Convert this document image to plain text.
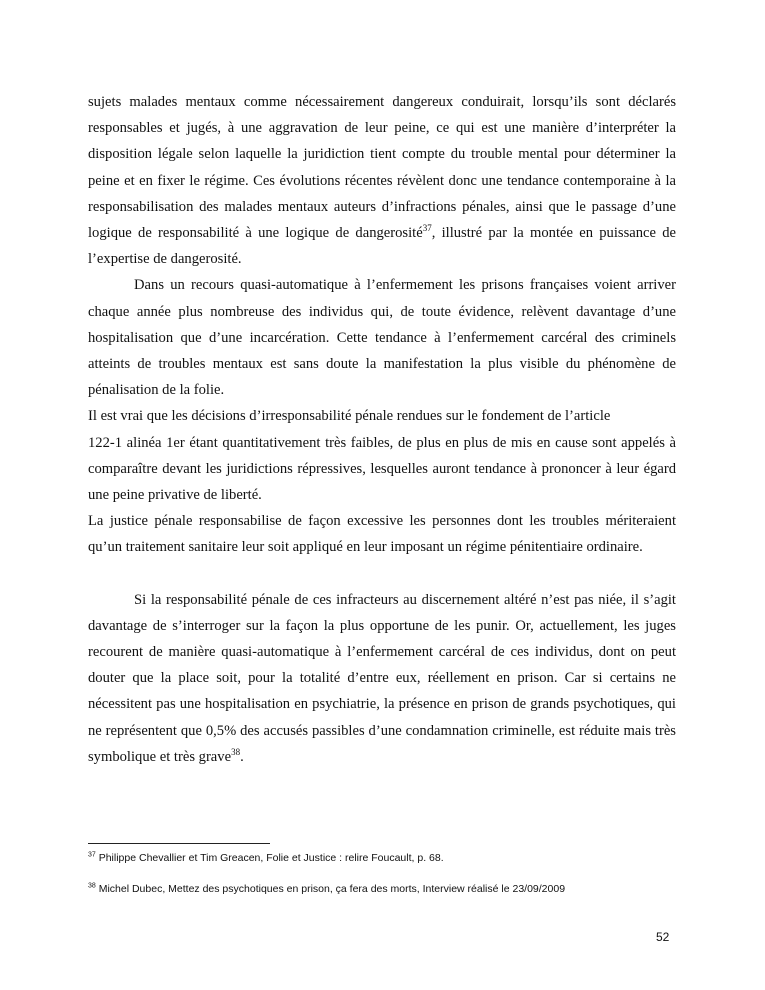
sujets malades mentaux comme nécessairement dangereux conduirait, lorsqu’ils sont déclarés responsables et jugés, à une aggravation de leur peine, ce qui est une manière d’interpréter la disposition légale selon laquelle la juridiction tient compte du trouble mental pour déterminer la peine et en fixer le régime. Ces évolutions récentes révèlent donc une tendance contemporaine à la responsabilisation des malades mentaux auteurs d’infractions pénales, ainsi que le passage d’une logique de responsabilité à une logique de dangerosité$^{37}$, illustré par la montée en puissance de l’expertise de dangerosité.

Dans un recours quasi-automatique à l’enfermement les prisons françaises voient arriver chaque année plus nombreuse des individus qui, de toute évidence, relèvent davantage d’une hospitalisation que d’une incarcération. Cette tendance à l’enfermement carcéral des criminels atteints de troubles mentaux est sans doute la manifestation la plus visible du phénomène de pénalisation de la folie.

Il est vrai que les décisions d’irresponsabilité pénale rendues sur le fondement de l’article

122-1 alinéa 1er étant quantitativement très faibles, de plus en plus de mis en cause sont appelés à comparaître devant les juridictions répressives, lesquelles auront tendance à prononcer à leur égard une peine privative de liberté.

La justice pénale responsabilise de façon excessive les personnes dont les troubles mériteraient qu’un traitement sanitaire leur soit appliqué en leur imposant un régime pénitentiaire ordinaire.

Si la responsabilité pénale de ces infracteurs au discernement altéré n’est pas niée, il s’agit davantage de s’interroger sur la façon la plus opportune de les punir. Or, actuellement, les juges recourent de manière quasi-automatique à l’enfermement carcéral de ces individus, dont on peut douter que la place soit, pour la totalité d’entre eux, réellement en prison. Car si certains ne nécessitent pas une hospitalisation en psychiatrie, la présence en prison de grands psychotiques, qui ne représentent que 0,5% des accusés passibles d’une condamnation criminelle, est réduite mais très symbolique et très grave$^{38}$.

$^{37}$ Philippe Chevallier et Tim Greacen, Folie et Justice : relire Foucault, p. 68.
$^{38}$ Michel Dubec, Mettez des psychotiques en prison, ça fera des morts, Interview réalisé le 23/09/2009
52
